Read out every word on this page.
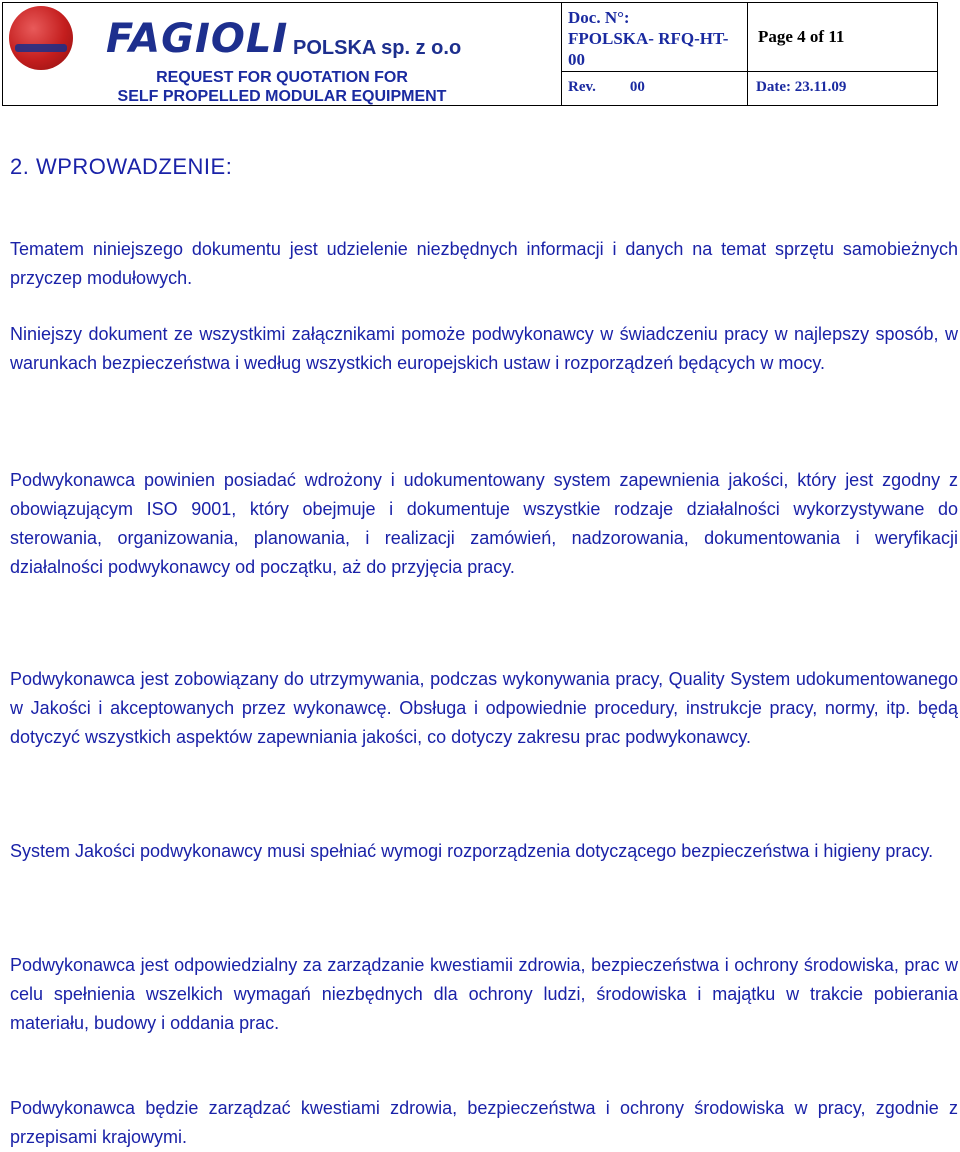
FAGIOLI POLSKA sp. z o.o
REQUEST FOR QUOTATION FOR
SELF PROPELLED MODULAR EQUIPMENT
Doc. N°:
FPOLSKA- RFQ-HT-00
Page 4 of 11
Rev. 00	Date: 23.11.09
2. WPROWADZENIE:

Tematem niniejszego dokumentu jest udzielenie niezbędnych informacji i danych na temat sprzętu samobieżnych przyczep modułowych.

Niniejszy dokument ze wszystkimi załącznikami pomoże podwykonawcy w świadczeniu pracy w najlepszy sposób, w warunkach bezpieczeństwa i według wszystkich europejskich ustaw i rozporządzeń będących w mocy.

Podwykonawca powinien posiadać wdrożony i udokumentowany system zapewnienia jakości, który jest zgodny z obowiązującym ISO 9001, który obejmuje i dokumentuje wszystkie rodzaje działalności wykorzystywane do sterowania, organizowania, planowania, i realizacji zamówień, nadzorowania, dokumentowania i weryfikacji działalności podwykonawcy od początku, aż do przyjęcia pracy.

Podwykonawca jest zobowiązany do utrzymywania, podczas wykonywania pracy, Quality System udokumentowanego w Jakości i akceptowanych przez wykonawcę. Obsługa i odpowiednie procedury, instrukcje pracy, normy, itp. będą dotyczyć wszystkich aspektów zapewniania jakości, co dotyczy zakresu prac podwykonawcy.

System Jakości podwykonawcy musi spełniać wymogi rozporządzenia dotyczącego bezpieczeństwa i higieny pracy.

Podwykonawca jest odpowiedzialny za zarządzanie kwestiamii zdrowia, bezpieczeństwa i ochrony środowiska, prac w celu spełnienia wszelkich wymagań niezbędnych dla ochrony ludzi, środowiska i majątku w trakcie pobierania materiału, budowy i oddania prac.

Podwykonawca będzie zarządzać kwestiami zdrowia, bezpieczeństwa i ochrony środowiska w pracy, zgodnie z przepisami krajowymi.
